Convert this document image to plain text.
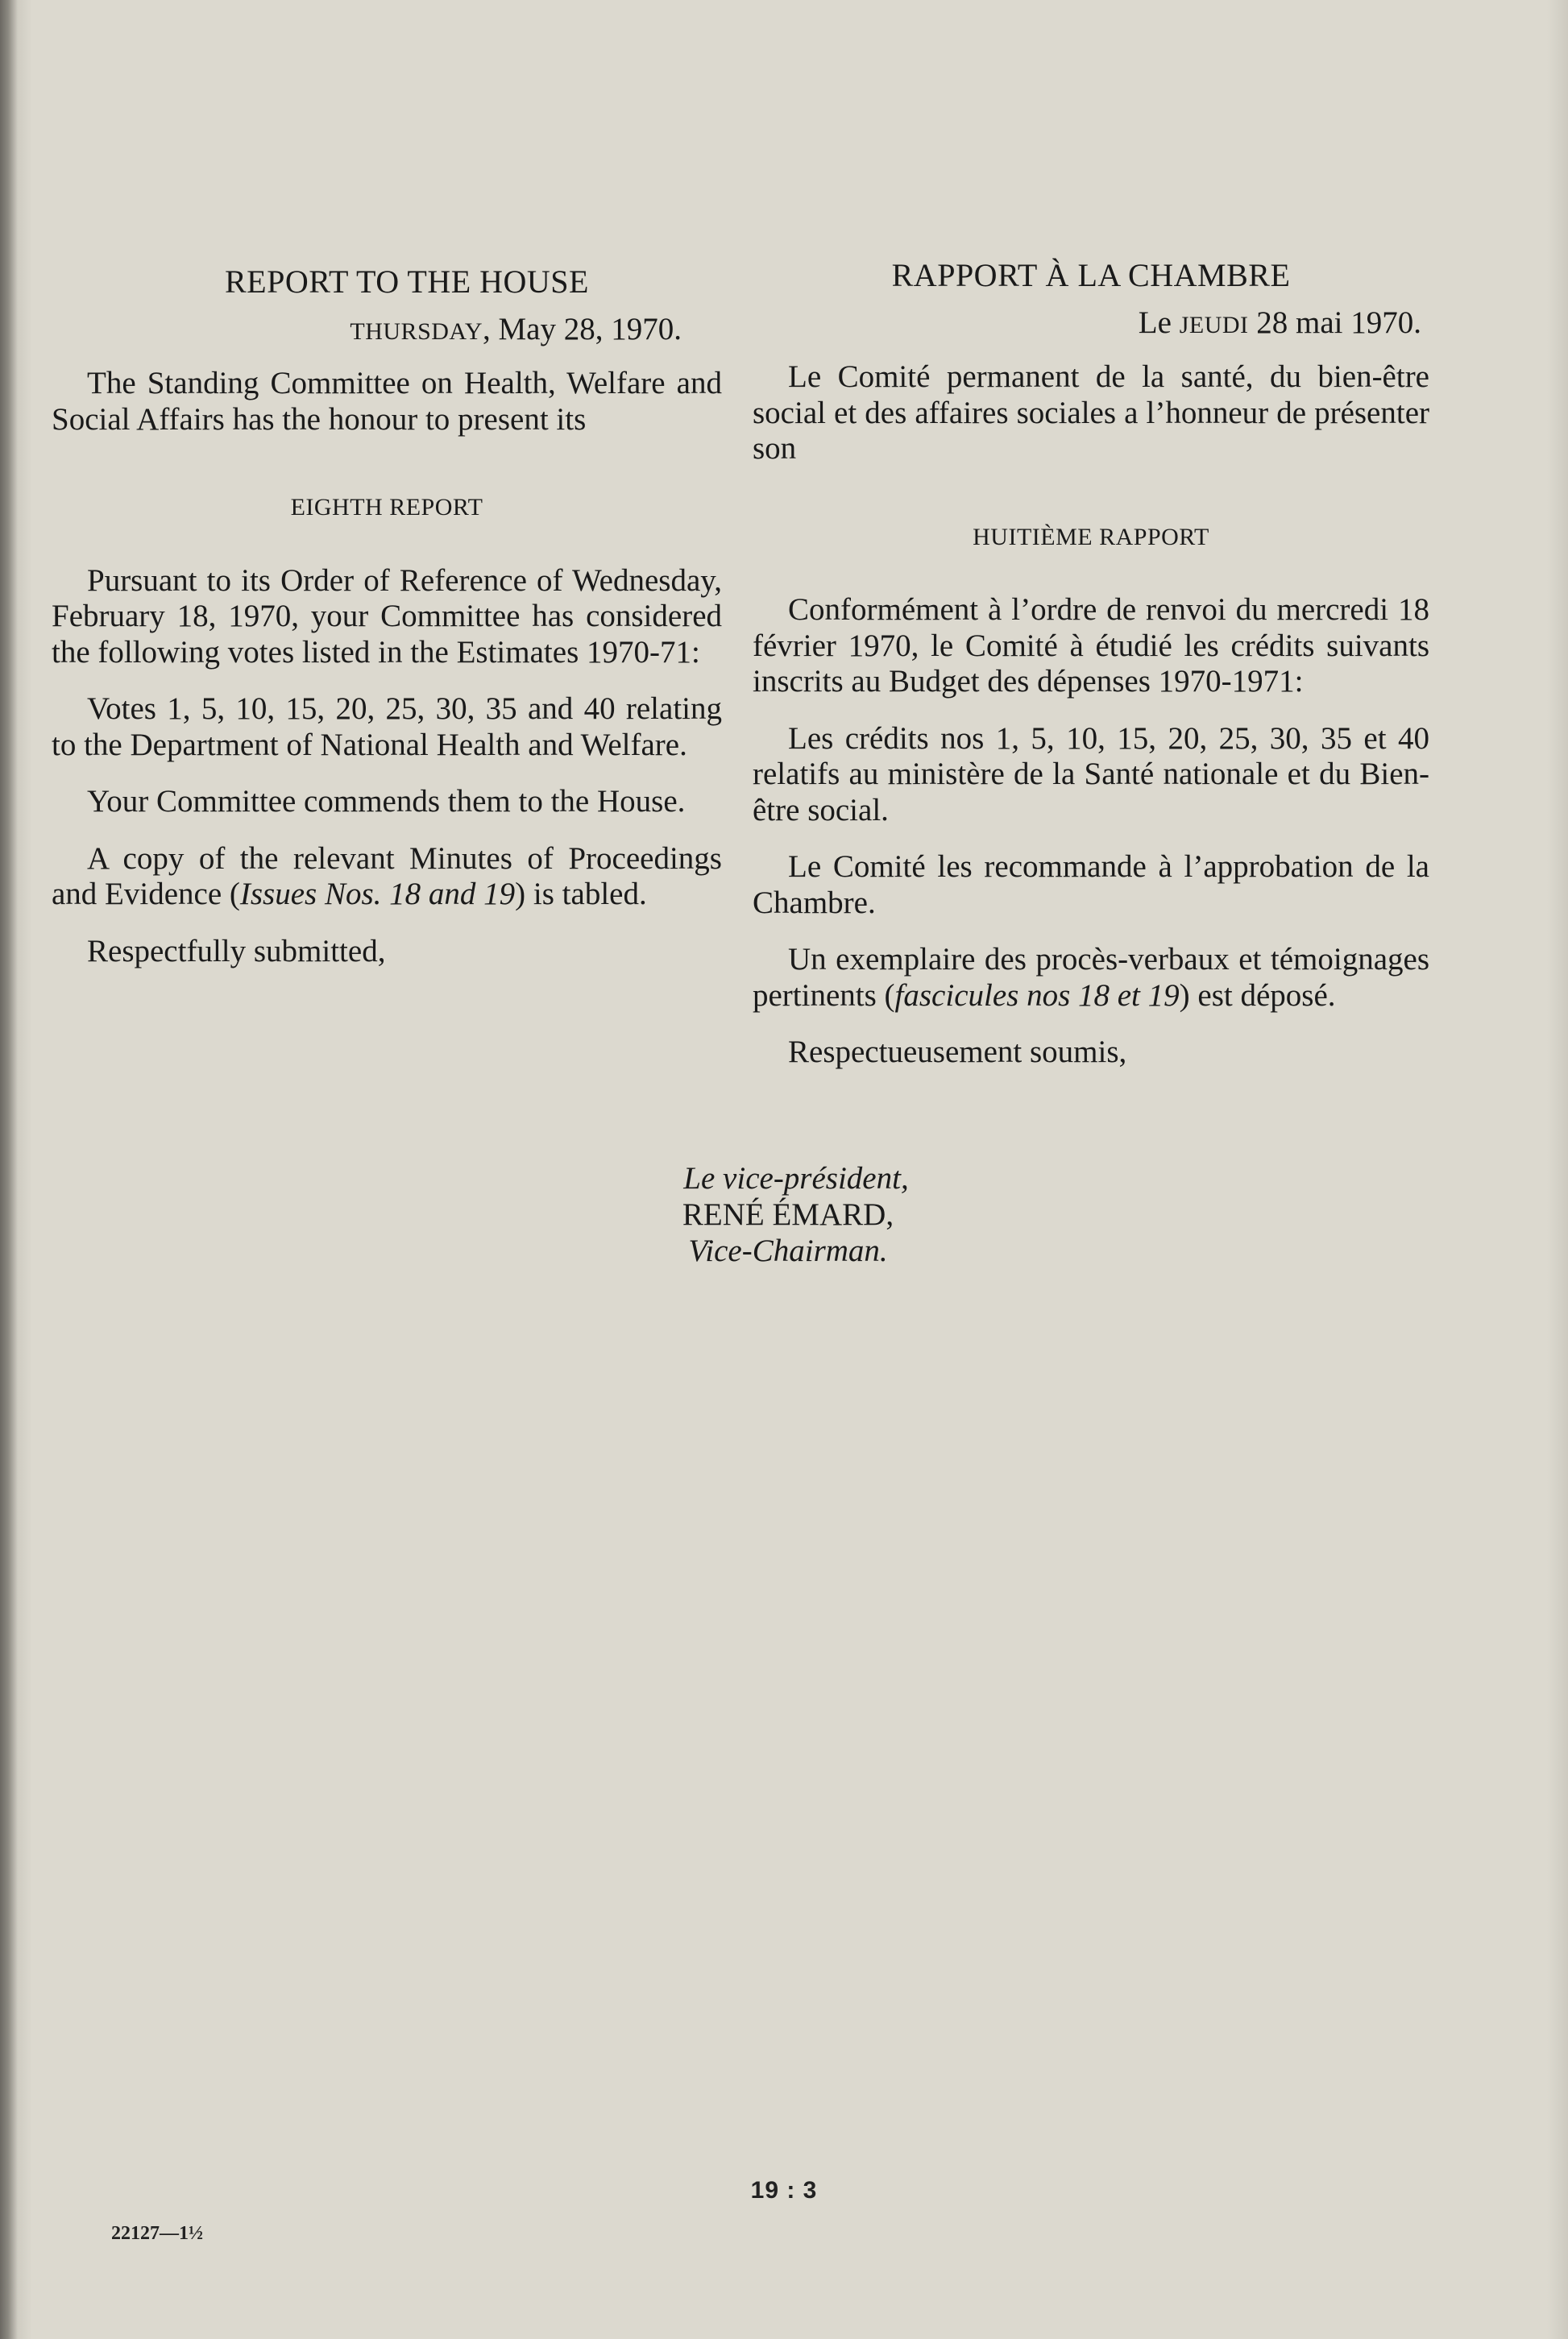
REPORT TO THE HOUSE
THURSDAY, May 28, 1970.

The Standing Committee on Health, Welfare and Social Affairs has the honour to present its

EIGHTH REPORT

Pursuant to its Order of Reference of Wednesday, February 18, 1970, your Committee has considered the following votes listed in the Estimates 1970-71:

Votes 1, 5, 10, 15, 20, 25, 30, 35 and 40 relating to the Department of National Health and Welfare.

Your Committee commends them to the House.

A copy of the relevant Minutes of Proceedings and Evidence (Issues Nos. 18 and 19) is tabled.

Respectfully submitted,

RAPPORT À LA CHAMBRE
Le JEUDI 28 mai 1970.

Le Comité permanent de la santé, du bien-être social et des affaires sociales a l’honneur de présenter son

HUITIÈME RAPPORT

Conformément à l’ordre de renvoi du mercredi 18 février 1970, le Comité à étudié les crédits suivants inscrits au Budget des dépenses 1970-1971:

Les crédits nos 1, 5, 10, 15, 20, 25, 30, 35 et 40 relatifs au ministère de la Santé nationale et du Bien-être social.

Le Comité les recommande à l’approbation de la Chambre.

Un exemplaire des procès-verbaux et témoignages pertinents (fascicules nos 18 et 19) est déposé.

Respectueusement soumis,

Le vice-président,
RENÉ ÉMARD,
Vice-Chairman.
19 : 3
22127—1½
